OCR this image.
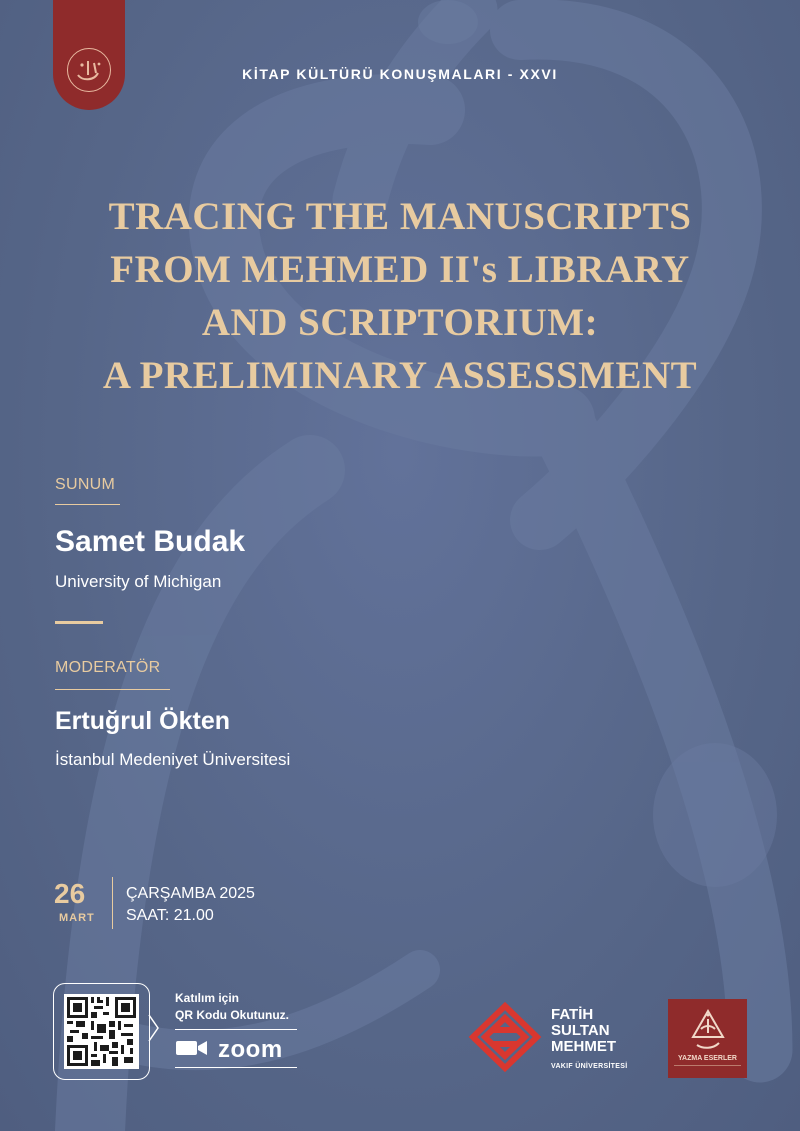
KİTAP KÜLTÜRÜ KONUŞMALARI - XXVI
TRACING THE MANUSCRIPTS
FROM MEHMED II's LIBRARY
AND SCRIPTORIUM:
A PRELIMINARY ASSESSMENT
SUNUM
Samet Budak
University of Michigan
MODERATÖR
Ertuğrul Ökten
İstanbul Medeniyet Üniversitesi
26
MART
ÇARŞAMBA 2025
SAAT: 21.00
Katılım için
QR Kodu Okutunuz.
zoom
FATİH
SULTAN
MEHMET
VAKIF ÜNİVERSİTESİ
YAZMA ESERLER
